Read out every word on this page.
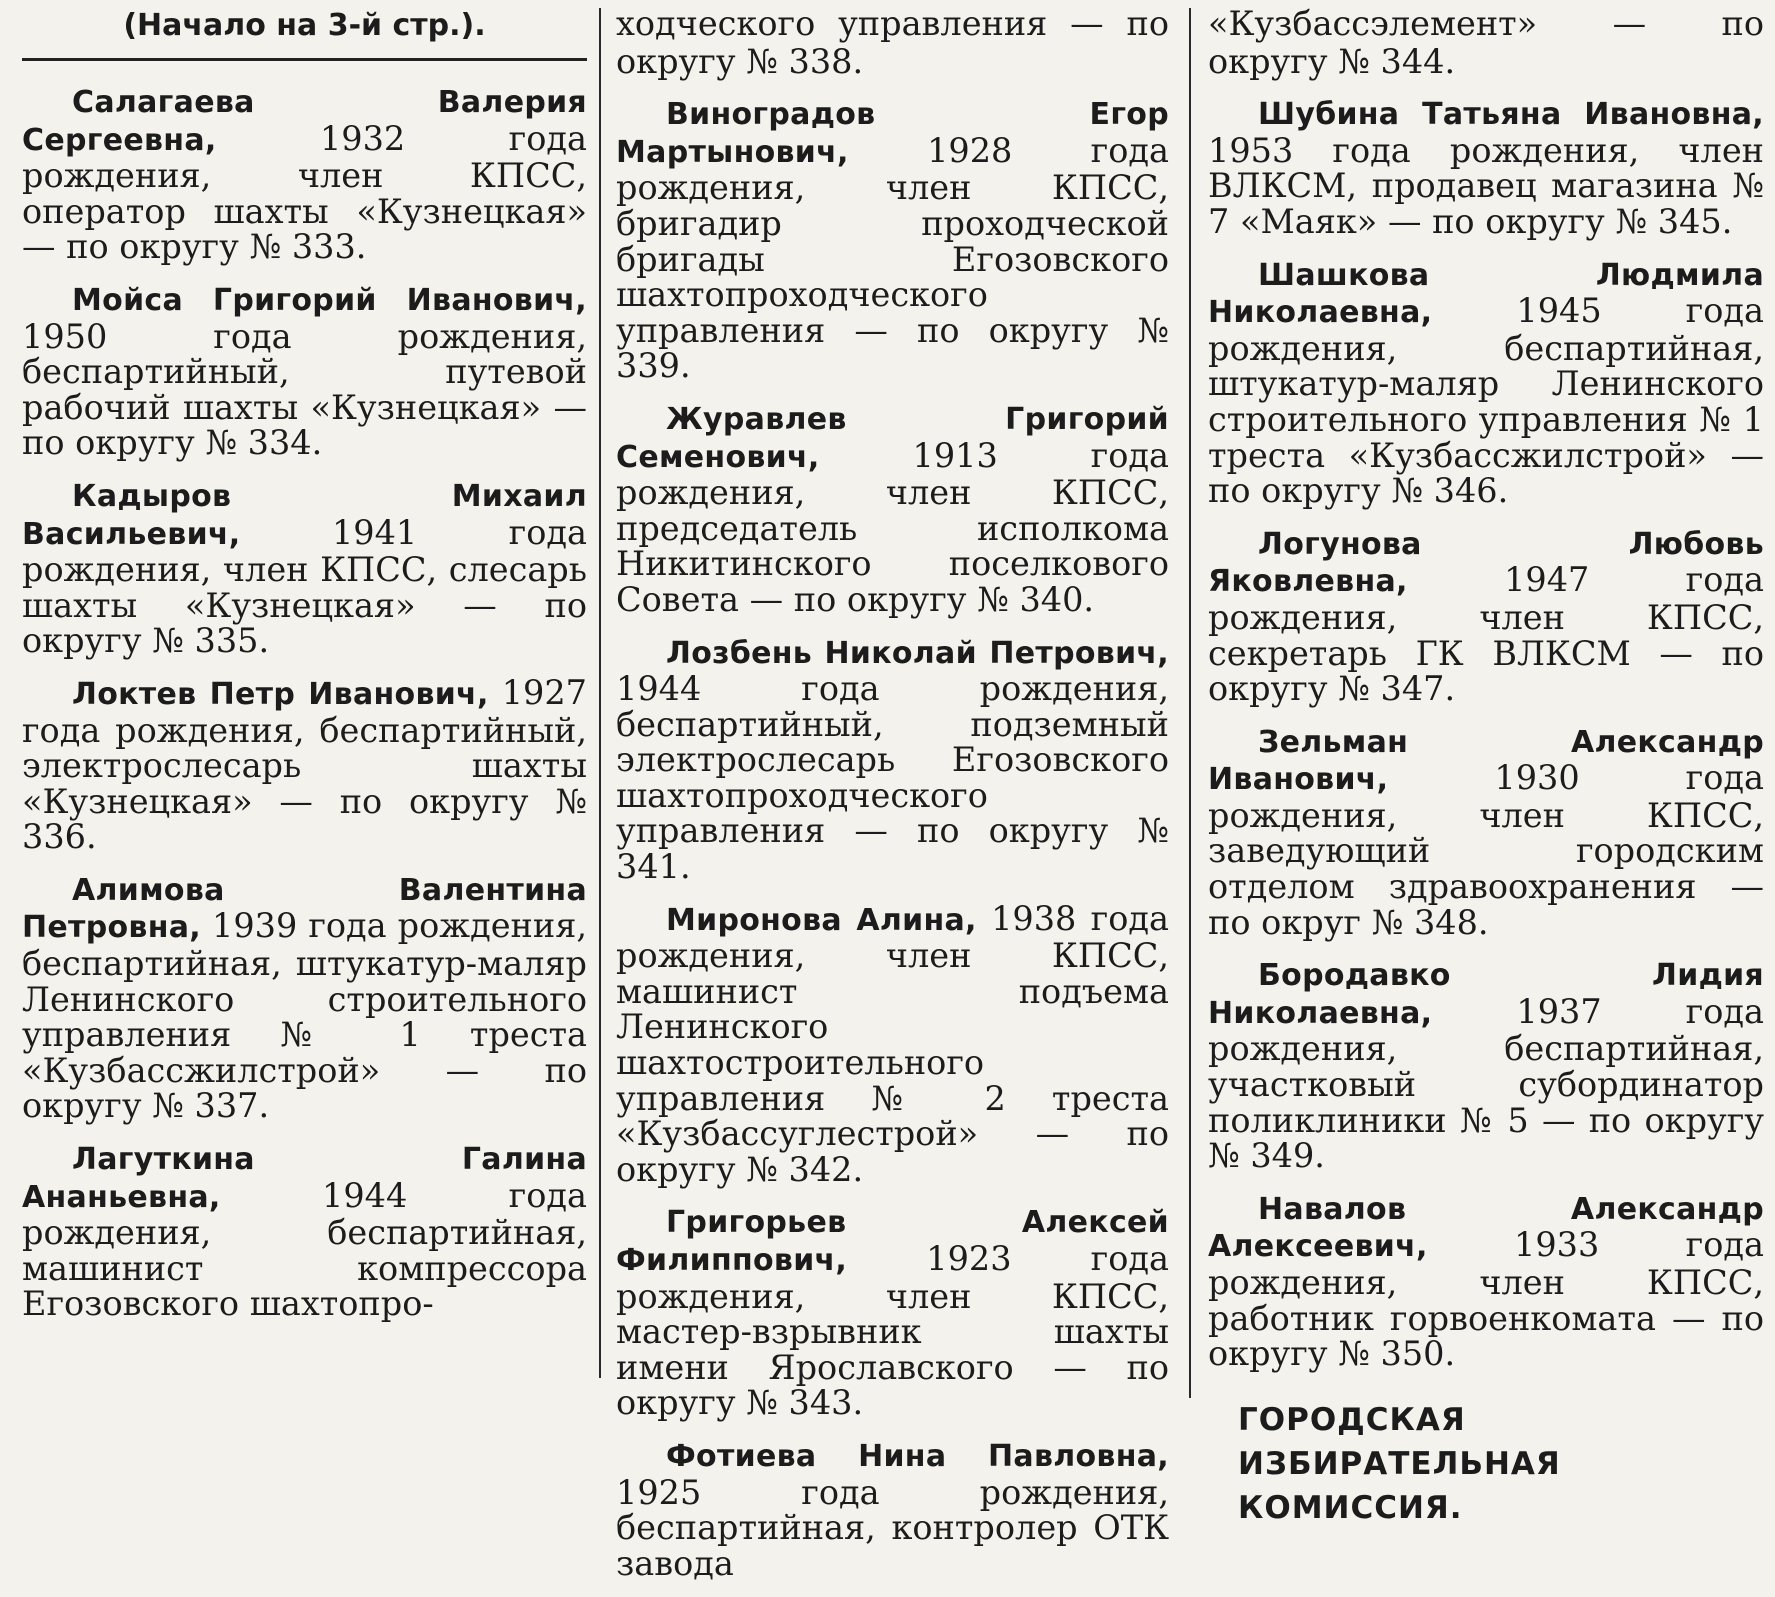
(Начало на 3-й стр.).

Салагаева Валерия Сергеевна, 1932 года рождения, член КПСС, оператор шахты «Кузнецкая» — по округу № 333.

Мойса Григорий Иванович, 1950 года рождения, беспартийный, путевой рабочий шахты «Кузнецкая» — по округу № 334.

Кадыров Михаил Васильевич, 1941 года рождения, член КПСС, слесарь шахты «Кузнецкая» — по округу № 335.

Локтев Петр Иванович, 1927 года рождения, беспартийный, электрослесарь шахты «Кузнецкая» — по округу № 336.

Алимова Валентина Петровна, 1939 года рождения, беспартийная, штукатур-маляр Ленинского строительного управления № 1 треста «Кузбассжилстрой» — по округу № 337.

Лагуткина Галина Ананьевна, 1944 года рождения, беспартийная, машинист компрессора Егозовского шахтопро-

ходческого управления — по округу № 338.

Виноградов Егор Мартынович, 1928 года рождения, член КПСС, бригадир проходческой бригады Егозовского шахтопроходческого управления — по округу № 339.

Журавлев Григорий Семенович, 1913 года рождения, член КПСС, председатель исполкома Никитинского поселкового Совета — по округу № 340.

Лозбень Николай Петрович, 1944 года рождения, беспартийный, подземный электрослесарь Егозовского шахтопроходческого управления — по округу № 341.

Миронова Алина, 1938 года рождения, член КПСС, машинист подъема Ленинского шахтостроительного управления № 2 треста «Кузбассуглестрой» — по округу № 342.

Григорьев Алексей Филиппович, 1923 года рождения, член КПСС, мастер-взрывник шахты имени Ярославского — по округу № 343.

Фотиева Нина Павловна, 1925 года рождения, беспартийная, контролер ОТК завода

«Кузбассэлемент» — по округу № 344.

Шубина Татьяна Ивановна, 1953 года рождения, член ВЛКСМ, продавец магазина № 7 «Маяк» — по округу № 345.

Шашкова Людмила Николаевна, 1945 года рождения, беспартийная, штукатур-маляр Ленинского строительного управления № 1 треста «Кузбассжилстрой» — по округу № 346.

Логунова Любовь Яковлевна, 1947 года рождения, член КПСС, секретарь ГК ВЛКСМ — по округу № 347.

Зельман Александр Иванович, 1930 года рождения, член КПСС, заведующий городским отделом здравоохранения — по округ № 348.

Бородавко Лидия Николаевна, 1937 года рождения, беспартийная, участковый субординатор поликлиники № 5 — по округу № 349.

Навалов Александр Алексеевич, 1933 года рождения, член КПСС, работник горвоенкомата — по округу № 350.

ГОРОДСКАЯ ИЗБИРАТЕЛЬНАЯ КОМИССИЯ.
